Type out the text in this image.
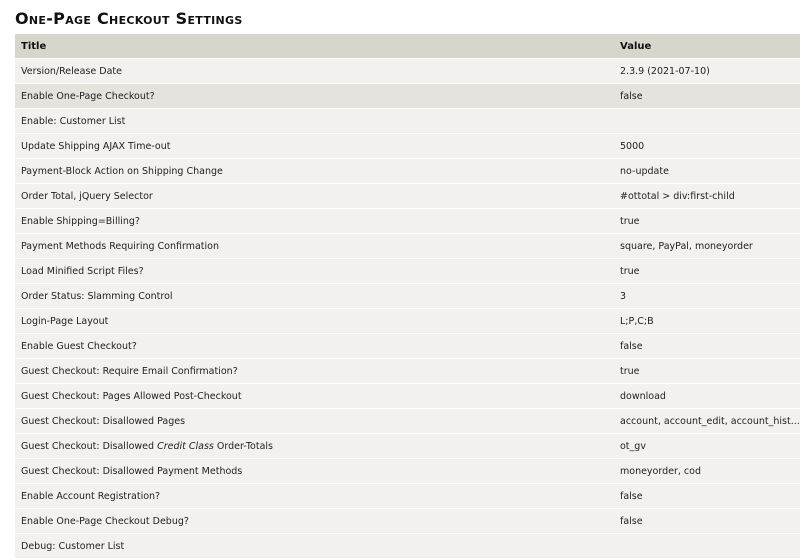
One-Page Checkout Settings
Title	Value
Version/Release Date	2.3.9 (2021-07-10)
Enable One-Page Checkout?	false
Enable: Customer List	
Update Shipping AJAX Time-out	5000
Payment-Block Action on Shipping Change	no-update
Order Total, jQuery Selector	#ottotal > div:first-child
Enable Shipping=Billing?	true
Payment Methods Requiring Confirmation	square, PayPal, moneyorder
Load Minified Script Files?	true
Order Status: Slamming Control	3
Login-Page Layout	L;P,C;B
Enable Guest Checkout?	false
Guest Checkout: Require Email Confirmation?	true
Guest Checkout: Pages Allowed Post-Checkout	download
Guest Checkout: Disallowed Pages	account, account_edit, account_hist...
Guest Checkout: Disallowed Credit Class Order-Totals	ot_gv
Guest Checkout: Disallowed Payment Methods	moneyorder, cod
Enable Account Registration?	false
Enable One-Page Checkout Debug?	false
Debug: Customer List	
